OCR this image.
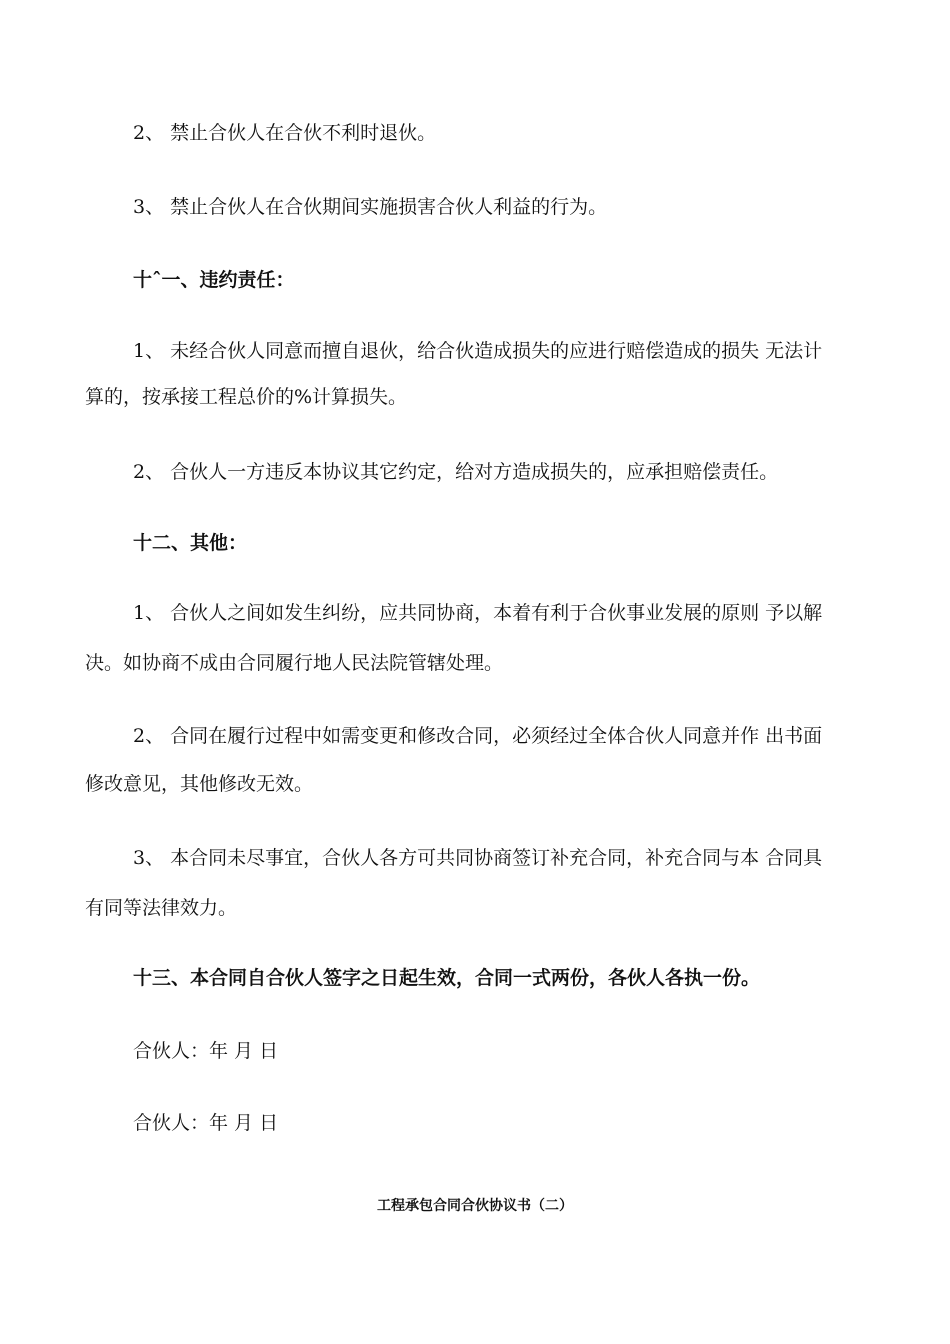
2、 禁止合伙人在合伙不利时退伙。
3、 禁止合伙人在合伙期间实施损害合伙人利益的行为。
十ˆ一、违约责任：
1、 未经合伙人同意而擅自退伙，给合伙造成损失的应进行赔偿造成的损失 无法计
算的，按承接工程总价的%计算损失。
2、 合伙人一方违反本协议其它约定，给对方造成损失的，应承担赔偿责任。
十二、其他：
1、 合伙人之间如发生纠纷，应共同协商，本着有利于合伙事业发展的原则 予以解
决。如协商不成由合同履行地人民法院管辖处理。
2、 合同在履行过程中如需变更和修改合同，必须经过全体合伙人同意并作 出书面
修改意见，其他修改无效。
3、 本合同未尽事宜，合伙人各方可共同协商签订补充合同，补充合同与本 合同具
有同等法律效力。
十三、本合同自合伙人签字之日起生效，合同一式两份，各伙人各执一份。
合伙人：年 月 日
合伙人：年 月 日
工程承包合同合伙协议书（二）
